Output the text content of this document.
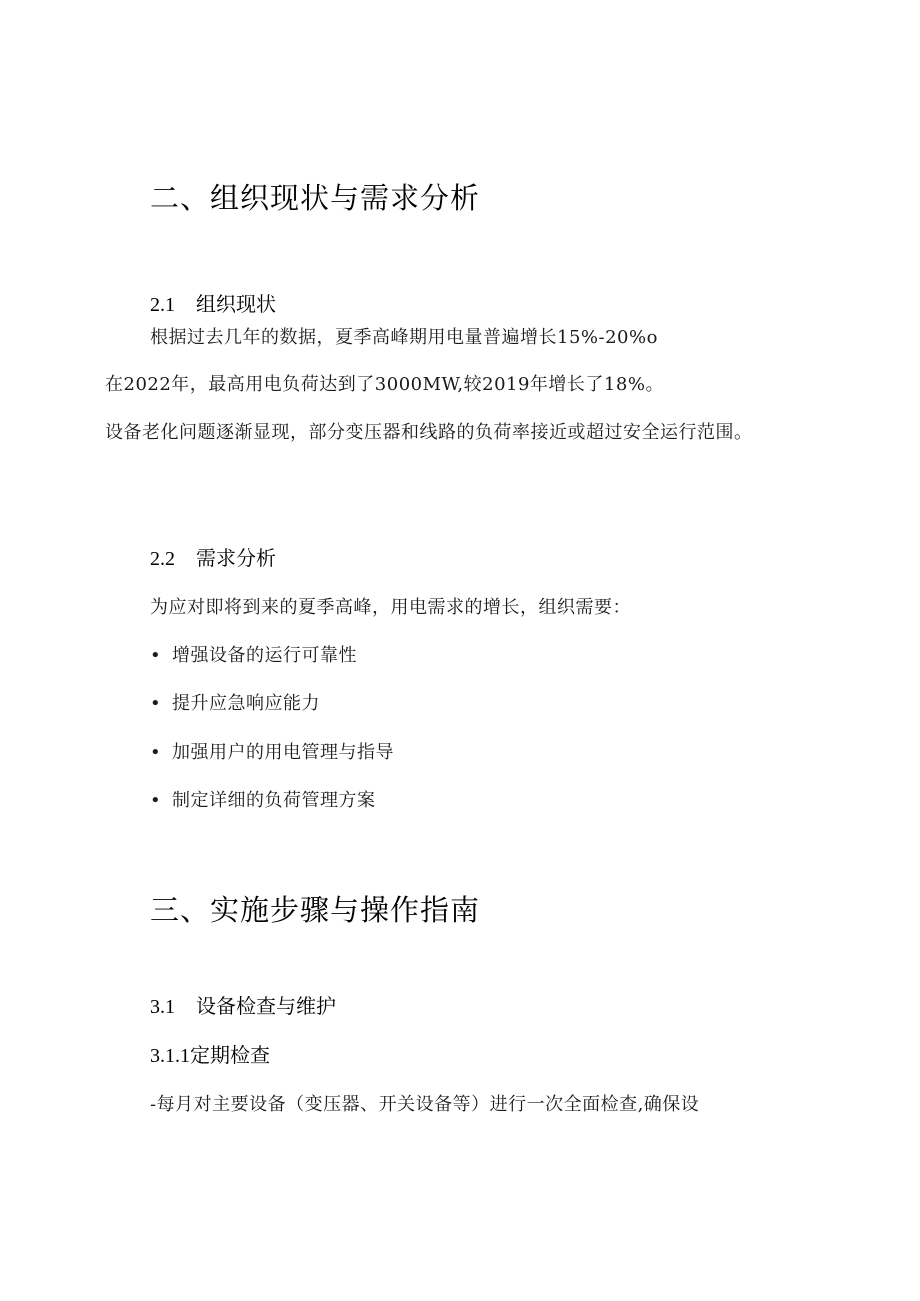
二、组织现状与需求分析
2.1 组织现状
根据过去几年的数据，夏季高峰期用电量普遍增长15%-20%o
在2022年，最高用电负荷达到了3000MW,较2019年增长了18%。
设备老化问题逐渐显现，部分变压器和线路的负荷率接近或超过安全运行范围。
2.2 需求分析
为应对即将到来的夏季高峰，用电需求的增长，组织需要：
• 增强设备的运行可靠性
• 提升应急响应能力
• 加强用户的用电管理与指导
• 制定详细的负荷管理方案
三、实施步骤与操作指南
3.1 设备检查与维护
3.1.1定期检查
-每月对主要设备（变压器、开关设备等）进行一次全面检查,确保设
